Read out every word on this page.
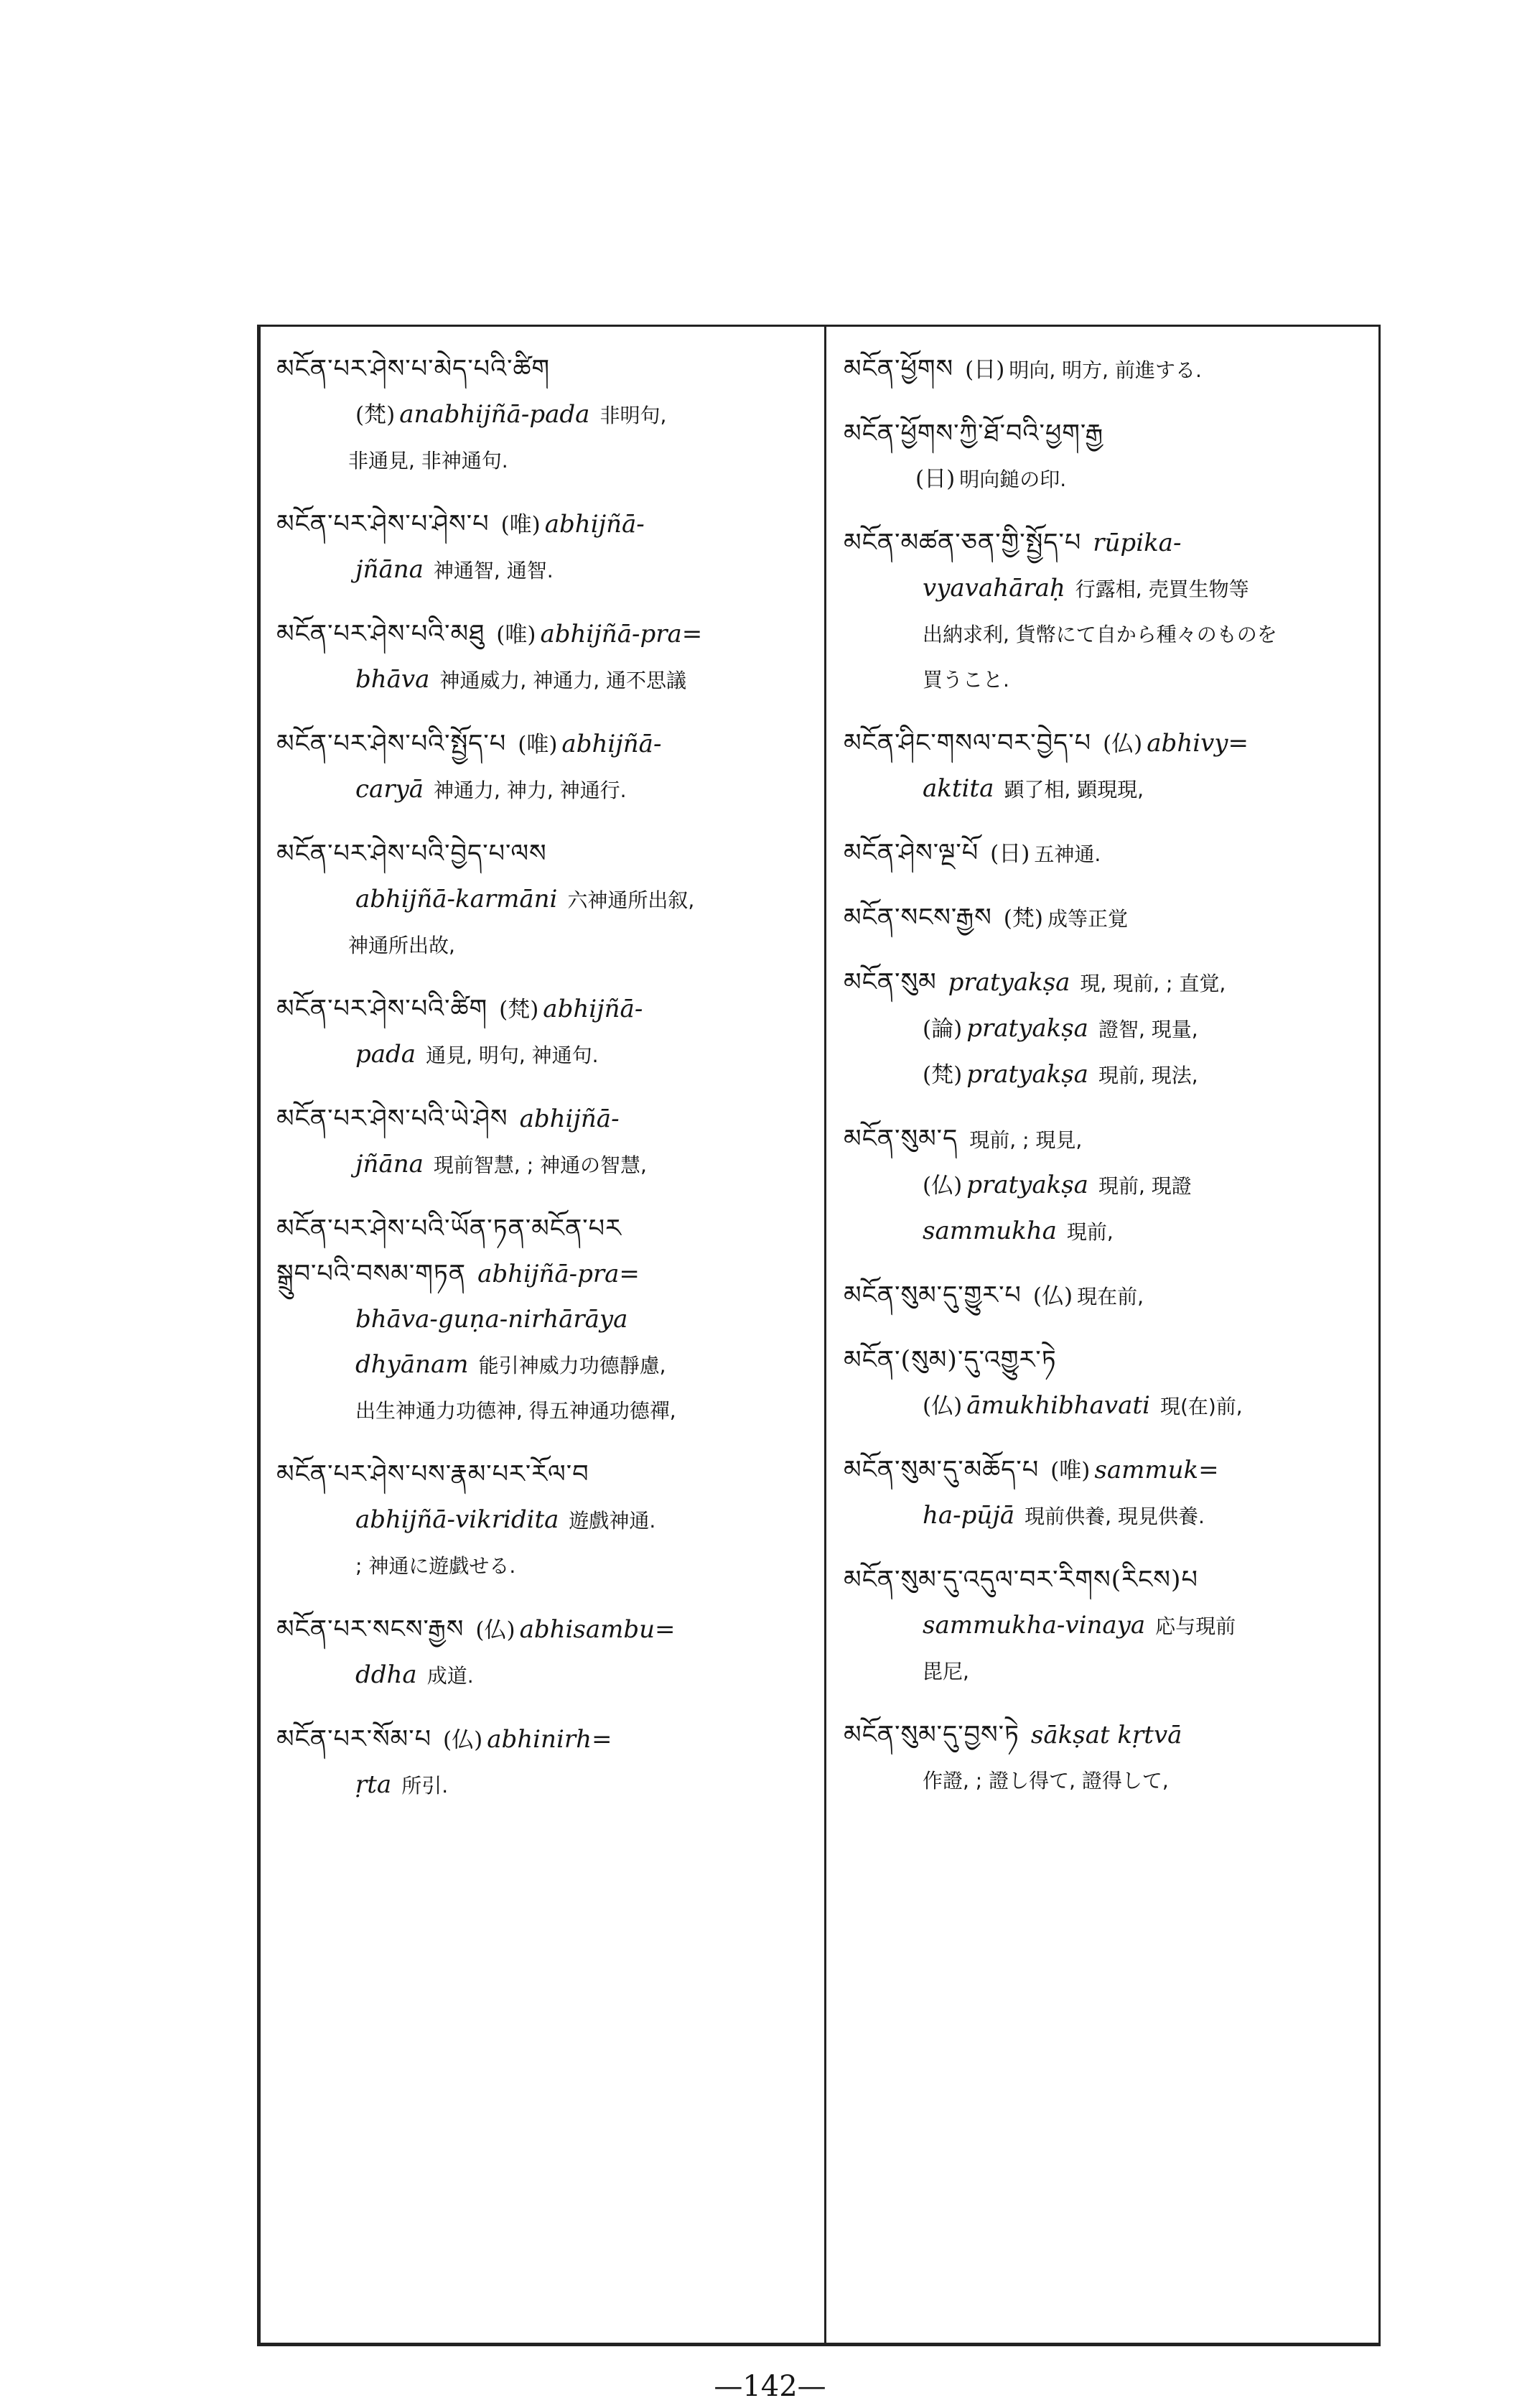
མངོན་པར་ཤེས་པ་མེད་པའི་ཚིག
(梵) anabhijñā-pada 非明句,
非通見, 非神通句.
མངོན་པར་ཤེས་པ་ཤེས་པ (唯) abhijñā-
jñāna 神通智, 通智.
མངོན་པར་ཤེས་པའི་མཐུ (唯) abhijñā-pra=
bhāva 神通威力, 神通力, 通不思議
མངོན་པར་ཤེས་པའི་སྤྱོད་པ (唯) abhijñā-
caryā 神通力, 神力, 神通行.
མངོན་པར་ཤེས་པའི་བྱེད་པ་ལས
abhijñā-karmāni 六神通所出叙,
神通所出故,
མངོན་པར་ཤེས་པའི་ཚིག (梵) abhijñā-
pada 通見, 明句, 神通句.
མངོན་པར་ཤེས་པའི་ཡེ་ཤེས abhijñā-
jñāna 現前智慧, ; 神通の智慧,
མངོན་པར་ཤེས་པའི་ཡོན་ཏན་མངོན་པར
སྒྲུབ་པའི་བསམ་གཏན abhijñā-pra=
bhāva-guṇa-nirhārāya
dhyānam 能引神威力功德靜慮,
出生神通力功德神, 得五神通功德禪,
མངོན་པར་ཤེས་པས་རྣམ་པར་རོལ་བ
abhijñā-vikridita 遊戲神通.
; 神通に遊戯せる.
མངོན་པར་སངས་རྒྱས (仏) abhisambu=
ddha 成道.
མངོན་པར་སོམ་པ (仏) abhinirh=
ṛta 所引.
མངོན་ཕྱོགས (日) 明向, 明方, 前進する.
མངོན་ཕྱོགས་ཀྱི་ཐོ་བའི་ཕྱག་རྒྱ
(日) 明向鎚の印.
མངོན་མཚན་ཅན་གྱི་སྤྱོད་པ rūpika-
vyavahāraḥ 行露相, 売買生物等
出納求利, 貨幣にて自から種々のものを
買うこと.
མངོན་ཤིང་གསལ་བར་བྱེད་པ (仏) abhivy=
aktita 顕了相, 顕現現,
མངོན་ཤེས་ལྔ་པོ (日) 五神通.
མངོན་སངས་རྒྱས (梵) 成等正覚
མངོན་སུམ pratyakṣa 現, 現前, ; 直覚,
(論) pratyakṣa 證智, 現量,
(梵) pratyakṣa 現前, 現法,
མངོན་སུམ་ད 現前, ; 現見,
(仏) pratyakṣa 現前, 現證
sammukha 現前,
མངོན་སུམ་དུ་གྱུར་པ (仏) 現在前,
མངོན་(སུམ)་དུ་འགྱུར་ཏེ
(仏) āmukhibhavati 現(在)前,
མངོན་སུམ་དུ་མཆོད་པ (唯) sammuk=
ha-pūjā 現前供養, 現見供養.
མངོན་སུམ་དུ་འདུལ་བར་རིགས(རིངས)པ
sammukha-vinaya 応与現前
毘尼,
མངོན་སུམ་དུ་བྱས་ཏེ sākṣat kṛtvā
作證, ; 證し得て, 證得して,
—142—
